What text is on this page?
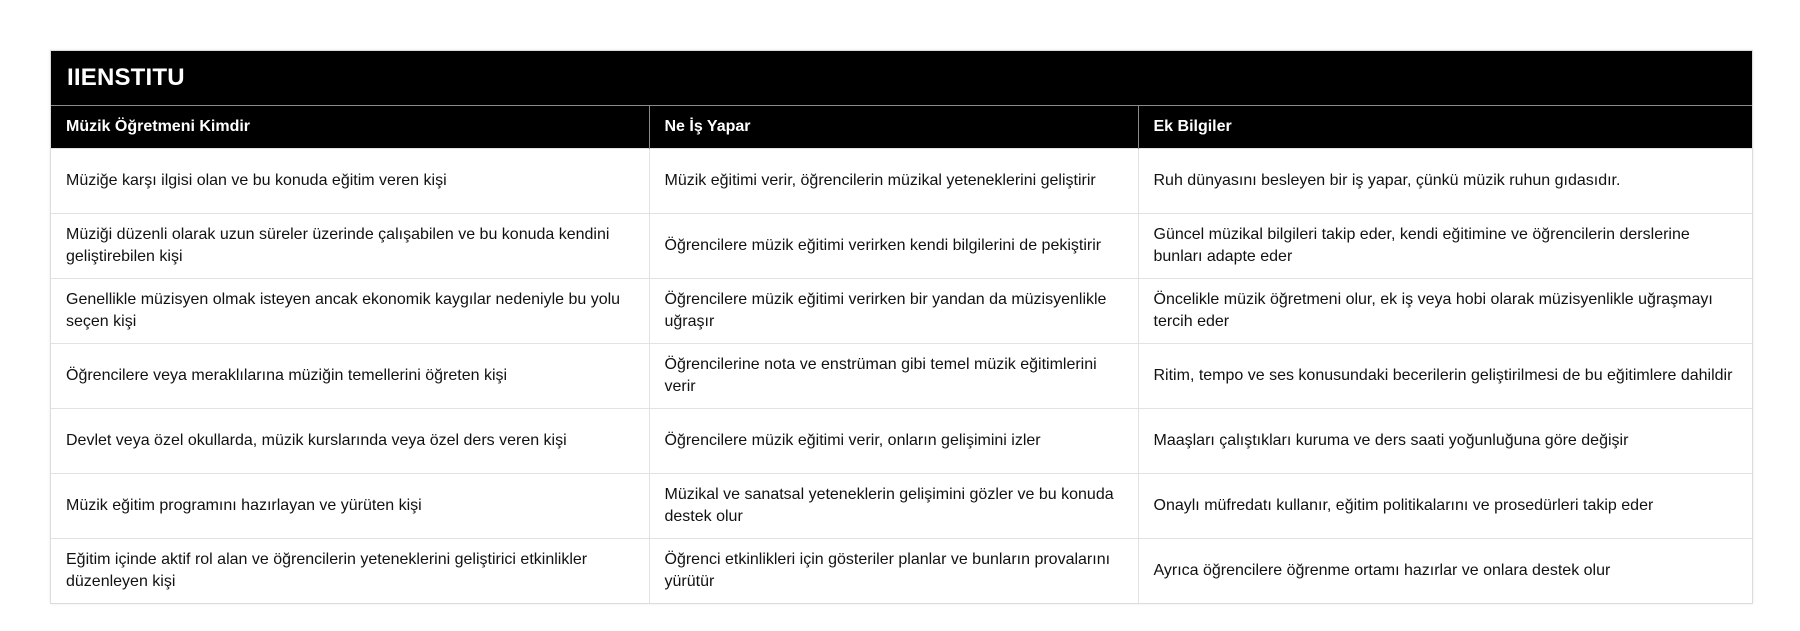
IIENSTITU
Müzik Öğretmeni Kimdir	Ne İş Yapar	Ek Bilgiler
Müziğe karşı ilgisi olan ve bu konuda eğitim veren kişi	Müzik eğitimi verir, öğrencilerin müzikal yeteneklerini geliştirir	Ruh dünyasını besleyen bir iş yapar, çünkü müzik ruhun gıdasıdır.
Müziği düzenli olarak uzun süreler üzerinde çalışabilen ve bu konuda kendini geliştirebilen kişi	Öğrencilere müzik eğitimi verirken kendi bilgilerini de pekiştirir	Güncel müzikal bilgileri takip eder, kendi eğitimine ve öğrencilerin derslerine bunları adapte eder
Genellikle müzisyen olmak isteyen ancak ekonomik kaygılar nedeniyle bu yolu seçen kişi	Öğrencilere müzik eğitimi verirken bir yandan da müzisyenlikle uğraşır	Öncelikle müzik öğretmeni olur, ek iş veya hobi olarak müzisyenlikle uğraşmayı tercih eder
Öğrencilere veya meraklılarına müziğin temellerini öğreten kişi	Öğrencilerine nota ve enstrüman gibi temel müzik eğitimlerini verir	Ritim, tempo ve ses konusundaki becerilerin geliştirilmesi de bu eğitimlere dahildir
Devlet veya özel okullarda, müzik kurslarında veya özel ders veren kişi	Öğrencilere müzik eğitimi verir, onların gelişimini izler	Maaşları çalıştıkları kuruma ve ders saati yoğunluğuna göre değişir
Müzik eğitim programını hazırlayan ve yürüten kişi	Müzikal ve sanatsal yeteneklerin gelişimini gözler ve bu konuda destek olur	Onaylı müfredatı kullanır, eğitim politikalarını ve prosedürleri takip eder
Eğitim içinde aktif rol alan ve öğrencilerin yeteneklerini geliştirici etkinlikler düzenleyen kişi	Öğrenci etkinlikleri için gösteriler planlar ve bunların provalarını yürütür	Ayrıca öğrencilere öğrenme ortamı hazırlar ve onlara destek olur
